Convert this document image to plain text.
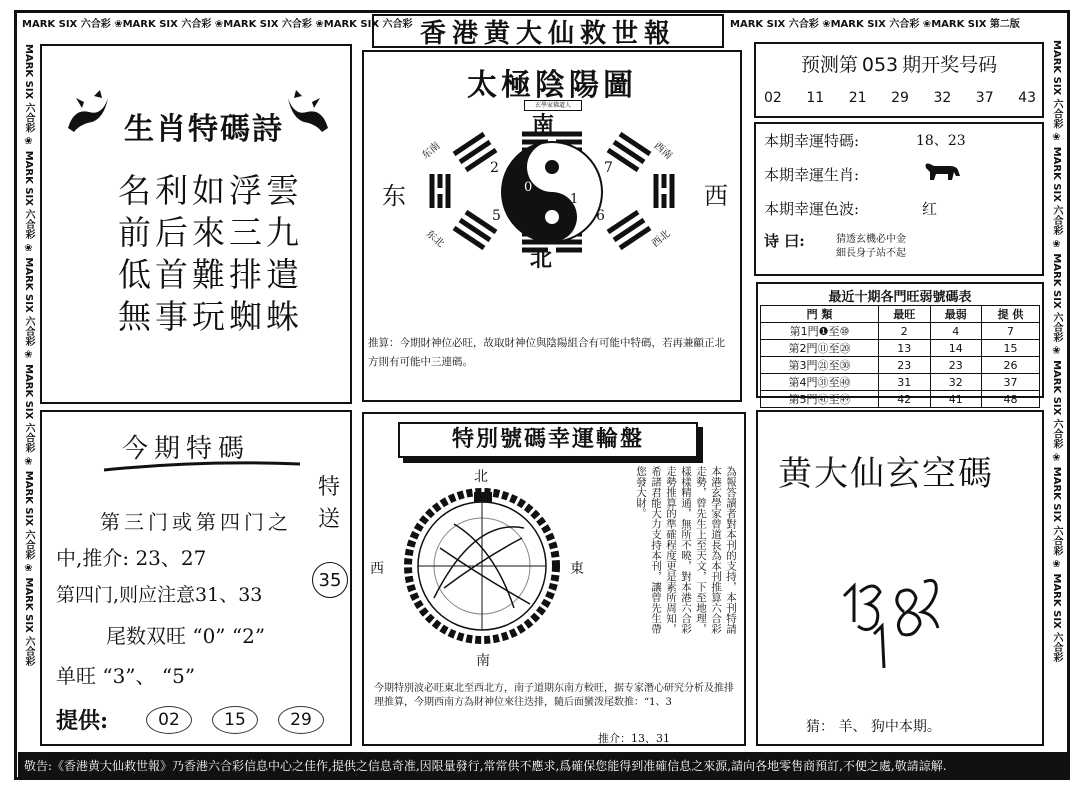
MARK SIX 六合彩 ❀MARK SIX 六合彩 ❀MARK SIX 六合彩 ❀MARK SIX 六合彩	MARK SIX 六合彩 ❀MARK SIX 六合彩 ❀MARK SIX 第二版
MARK SIX 六合彩 ❀ MARK SIX 六合彩 ❀ MARK SIX 六合彩 ❀ MARK SIX 六合彩 ❀ MARK SIX 六合彩 ❀ MARK SIX 六合彩	MARK SIX 六合彩 ❀ MARK SIX 六合彩 ❀ MARK SIX 六合彩 ❀ MARK SIX 六合彩 ❀ MARK SIX 六合彩 ❀ MARK SIX 六合彩
香港黄大仙救世報
生肖特碼詩
名利如浮雲
前后來三九
低首難排遣
無事玩蜘蛛
太極陰陽圖
玄學家佛道人
南
北
东	西
东南	西南
东北	西北
2	7
0
1
5	6
推算：今期財神位必旺，故取財神位與陰陽組合有可能中特碼，若再兼顧正北方則有可能中三連碼。
预测第 053 期开奖号码
02 11 21 29 32 37 43
本期幸運特碼:	18、23
本期幸運生肖:
本期幸運色波:	红
诗 曰:	猜透玄機必中金
細長身子站不起
最近十期各門旺弱號碼表			
門 類	最旺	最弱	提 供
第1門❶至⑩	2	4	7
第2門⑪至⑳	13	14	15
第3門㉑至㉚	23	23	26
第4門㉛至㊵	31	32	37
第5門㊶至㊾	42	41	48
今期特碼
第三门或第四门之
中,推介: 23、27
第四门,则应注意31、33
尾数双旺 “0” “2”
单旺 “3”、 “5”
特送
35
提供:	02	15	29
特別號碼幸運輪盤
北
南
西	東	為報答讀者對本刊的支持，本刊特請本港玄學家曾道長為本刊推算六合彩走勢，曾先生上至天文，下至地理，樣樣精通，無所不曉，對本港六合彩走勢推算的準確程度更是素所周知，希諸君能大力支持本刊，讓曾先生帶您發大財。
今期特別波必旺東北至西北方，南子道期东南方較旺，据专家潛心研究分析及推排理推算，今期西南方為財神位來往迭排，隨后面蠻泼尾数推：“1、3
推介：13、31
黄大仙玄空碼
猜： 羊、 狗中本期。
敬告:《香港黄大仙救世報》乃香港六合彩信息中心之佳作,提供之信息奇准,因限量發行,常常供不應求,爲確保您能得到准確信息之來源,請向各地零售商預訂,不便之處,敬請諒解.
